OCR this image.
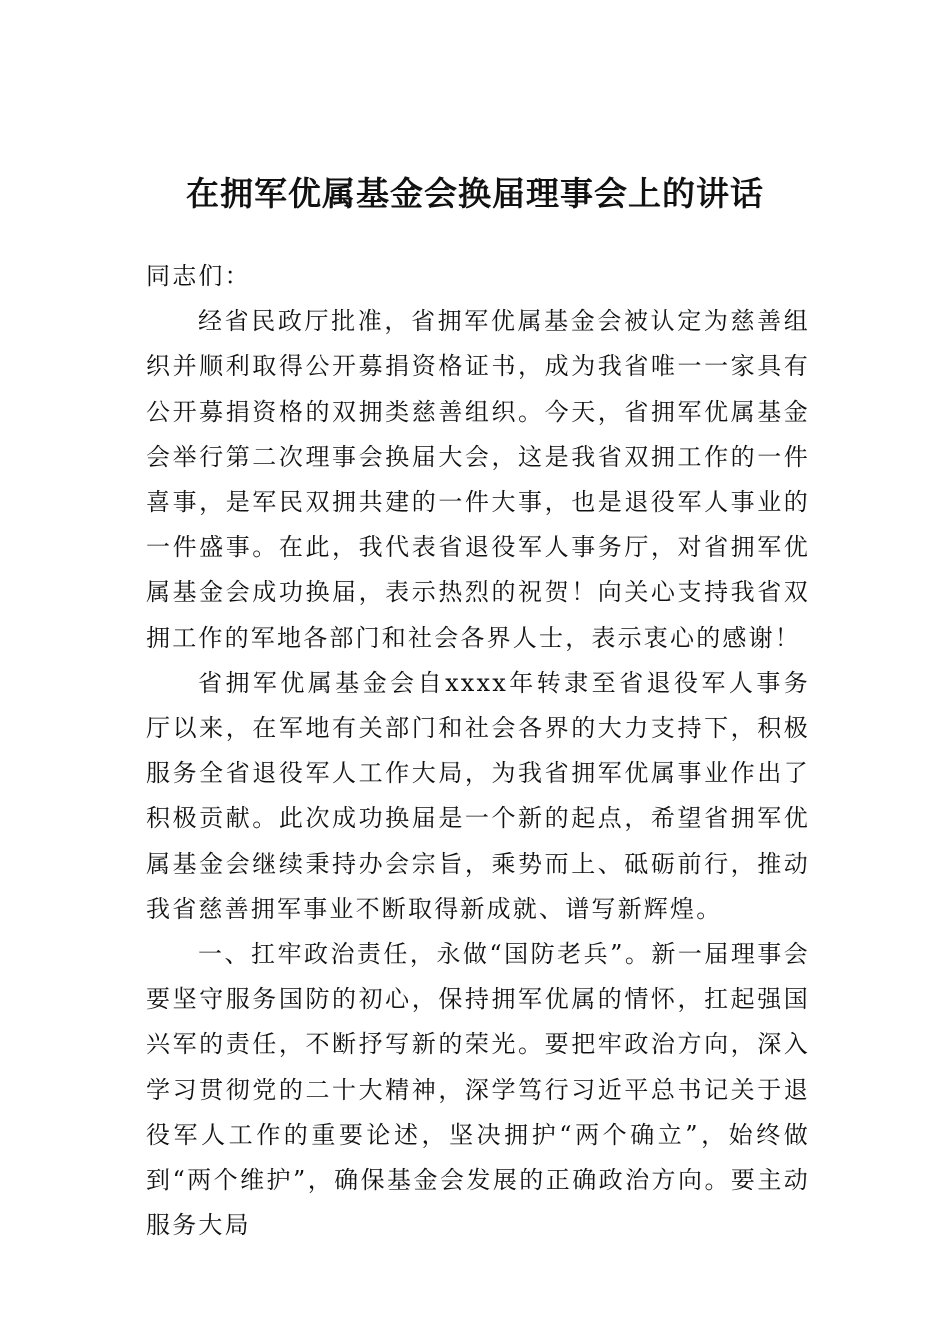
在拥军优属基金会换届理事会上的讲话

同志们：

经省民政厅批准，省拥军优属基金会被认定为慈善组织并顺利取得公开募捐资格证书，成为我省唯一一家具有公开募捐资格的双拥类慈善组织。今天，省拥军优属基金会举行第二次理事会换届大会，这是我省双拥工作的一件喜事，是军民双拥共建的一件大事，也是退役军人事业的一件盛事。在此，我代表省退役军人事务厅，对省拥军优属基金会成功换届，表示热烈的祝贺！向关心支持我省双拥工作的军地各部门和社会各界人士，表示衷心的感谢！

省拥军优属基金会自xxxx年转隶至省退役军人事务厅以来，在军地有关部门和社会各界的大力支持下，积极服务全省退役军人工作大局，为我省拥军优属事业作出了积极贡献。此次成功换届是一个新的起点，希望省拥军优属基金会继续秉持办会宗旨，乘势而上、砥砺前行，推动我省慈善拥军事业不断取得新成就、谱写新辉煌。

一、扛牢政治责任，永做“国防老兵”。新一届理事会要坚守服务国防的初心，保持拥军优属的情怀，扛起强国兴军的责任，不断抒写新的荣光。要把牢政治方向，深入学习贯彻党的二十大精神，深学笃行习近平总书记关于退役军人工作的重要论述，坚决拥护“两个确立”，始终做到“两个维护”，确保基金会发展的正确政治方向。要主动服务大局
